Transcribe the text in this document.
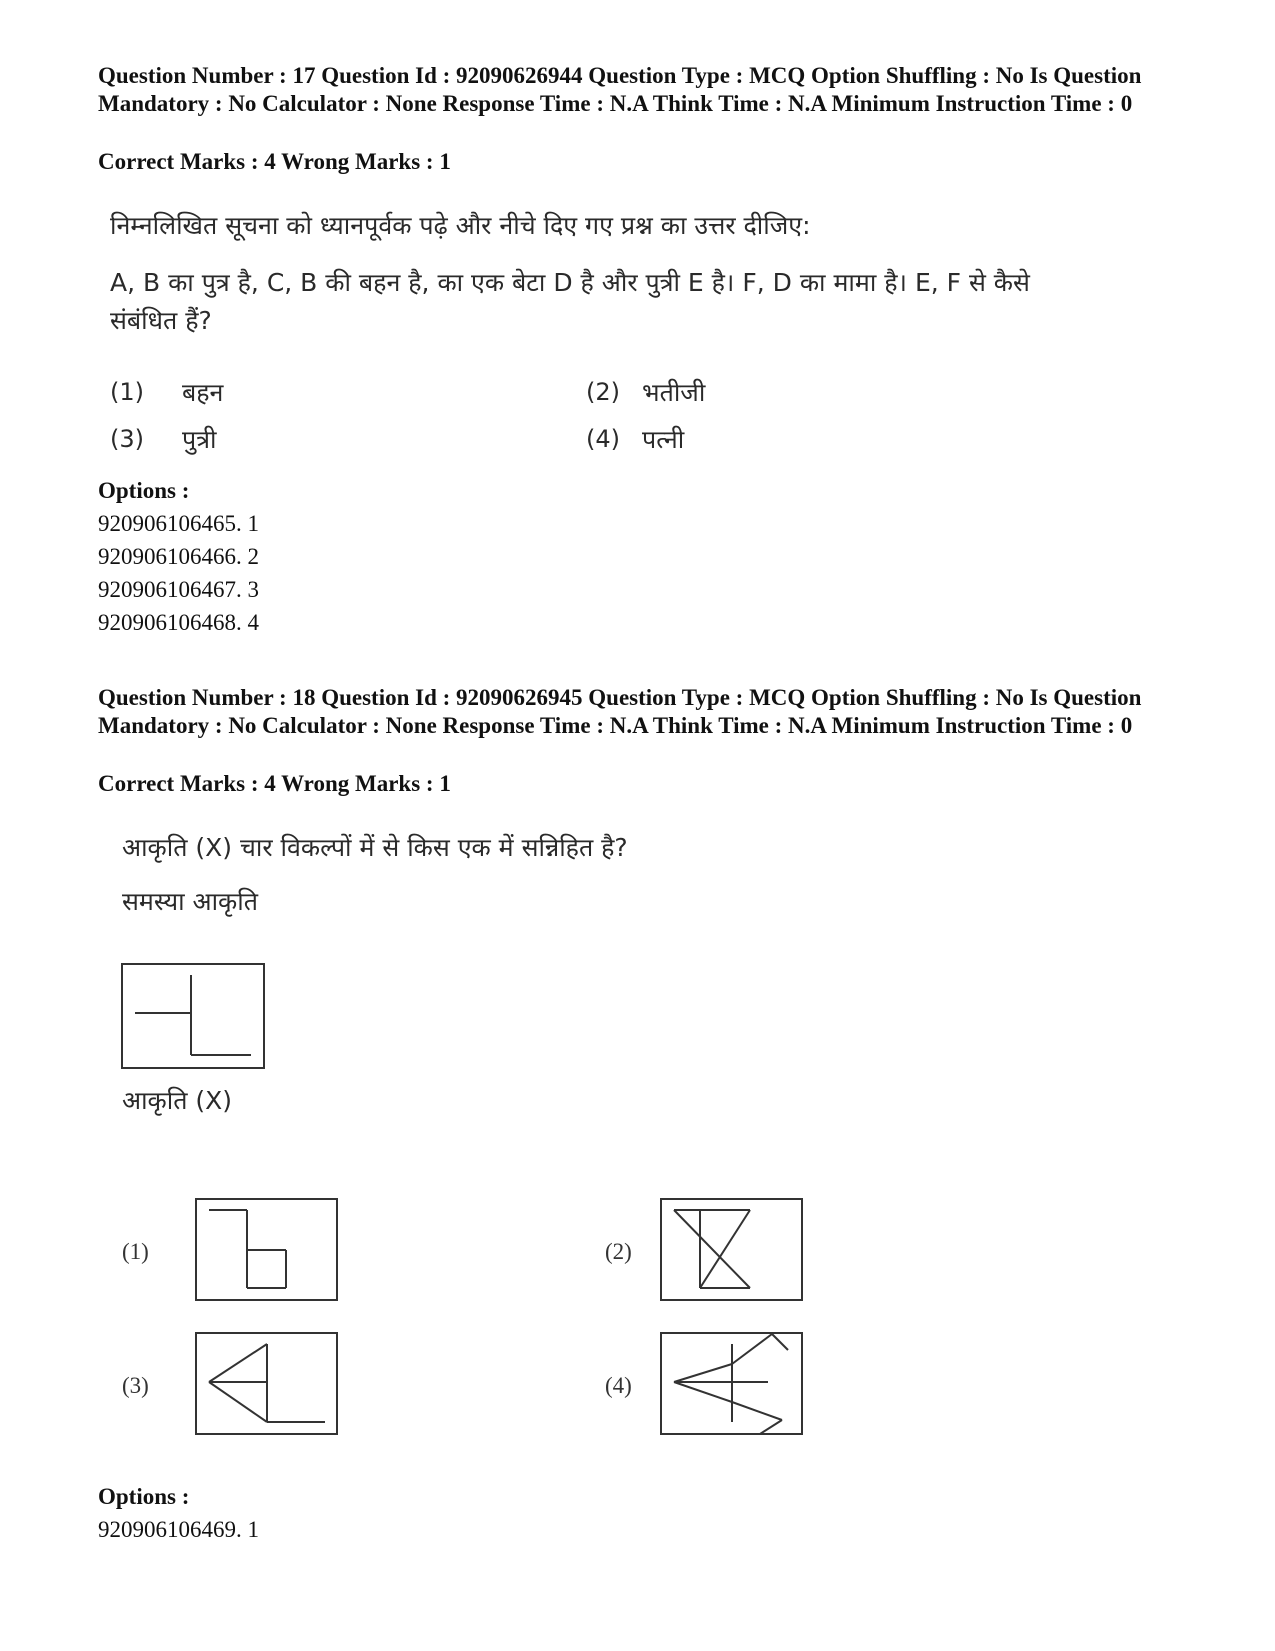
Question Number : 17 Question Id : 92090626944 Question Type : MCQ Option Shuffling : No Is Question Mandatory : No Calculator : None Response Time : N.A Think Time : N.A Minimum Instruction Time : 0

Correct Marks : 4 Wrong Marks : 1

निम्नलिखित सूचना को ध्यानपूर्वक पढ़े और नीचे दिए गए प्रश्न का उत्तर दीजिए:

A, B का पुत्र है, C, B की बहन है, का एक बेटा D है और पुत्री E है। F, D का मामा है। E, F से कैसे संबंधित हैं?

(1) बहन	(2) भतीजी
(3) पुत्री	(4) पत्नी
Options :
920906106465. 1
920906106466. 2
920906106467. 3
920906106468. 4

Question Number : 18 Question Id : 92090626945 Question Type : MCQ Option Shuffling : No Is Question Mandatory : No Calculator : None Response Time : N.A Think Time : N.A Minimum Instruction Time : 0

Correct Marks : 4 Wrong Marks : 1

आकृति (X) चार विकल्पों में से किस एक में सन्निहित है?

समस्या आकृति

आकृति (X)

(1)	(2)
(3)	(4)
Options :
920906106469. 1
